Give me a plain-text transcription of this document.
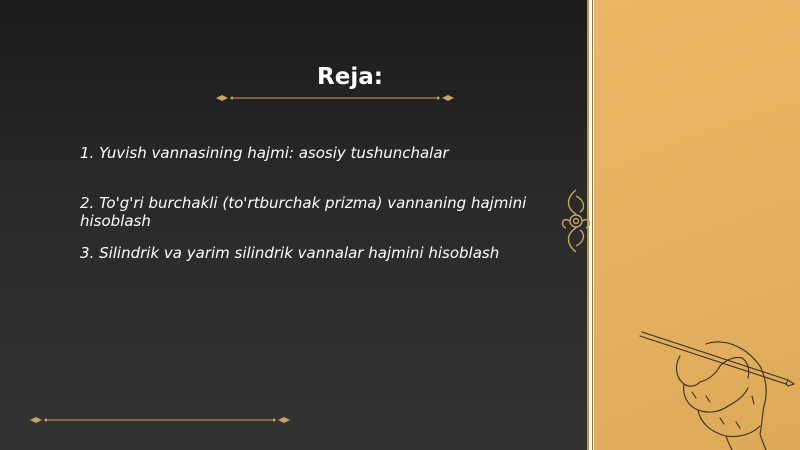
Reja:
1. Yuvish vannasining hajmi: asosiy tushunchalar
2. To'g'ri burchakli (to'rtburchak prizma) vannaning hajmini hisoblash
3. Silindrik va yarim silindrik vannalar hajmini hisoblash
